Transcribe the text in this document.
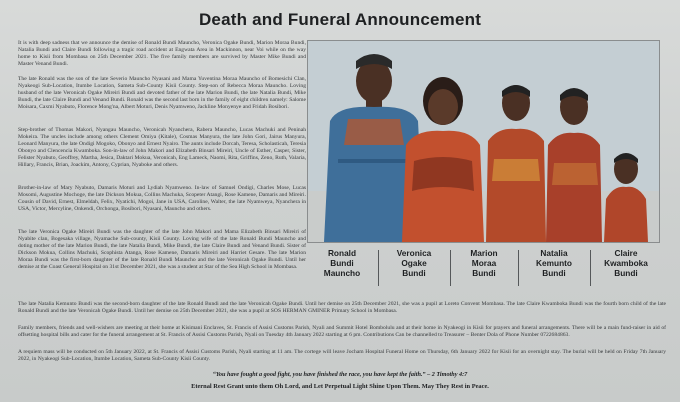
Death and Funeral Announcement

It is with deep sadness that we announce the demise of Ronald Bundi Mauncho, Veronica Ogake Bundi, Marion Moraa Bundi, Natalia Bundi and Claire Bundi following a tragic road accident at Engwata Area in Mackinnon, near Voi while on the way home to Kisii from Mombasa on 25th December 2021. The five family members are survived by Master Mike Bundi and Master Venand Bundi.

The late Ronald was the son of the late Severio Mauncho Nyasani and Mama Yuventina Moraa Mauncho of Bomesichi Clan, Nyakeogi Sub-Location, Itumbe Location, Sameta Sub-County Kisii County. Step-son of Rebecca Moraa Mauncho. Loving husband of the late Veronicah Ogake Mireiri Bundi and devoted father of the late Marion Bundi, the late Natalia Bundi, Mike Bundi, the late Claire Bundi and Venand Bundi. Ronald was the second last born in the family of eight children namely: Salome Moisara, Caxmi Nyabuto, Florence Mong'na, Albert Moturi, Denis Nyamweno, Jackline Monyenye and Fridah Bosibori.

Step-brother of Thomas Makori, Nyangau Mauncho, Veronicah Nyanchera, Rabera Mauncho, Lucas Machuki and Peninah Mokeira. The uncles include among others Clement Omiya (Kitale), Cosmas Manyura, the late John Gori, Jairus Manyura, Leonard Manyura, the late Ondigi Mogoko, Obonyo and Ernest Nyairo. The aunts include Dorcah, Teresa, Scholasticah, Teresia Obonyo and Clencencia Kwamboka. Son-in-law of John Makori and Elizabeth Binsari Mireiri, Uncle of Esther, Casper, Sister, Felister Nyabuto, Geoffrey, Martha, Jesica, Daktari Mokua, Veronicah, Eng Lameck, Naomi, Rita, Griffins, Zeno, Ruth, Valaria, Hillary, Francis, Brian, Joackim, Antony, Cyprian, Nyaboke and others.

Brother-in-law of Mary Nyabuto, Damaris Moturi and Lydiah Nyamweno. In-law of Samuel Ondigi, Charles Mose, Lucas Mosomi, Augustine Mochoge, the late Dickson Mokua, Collins Machuka, Scopeter Atangi, Rose Kamene, Damaris and Mireiri. Cousin of David, Ernest, Elmeldah, Felix, Nyatichi, Mogoi, Jane in USA, Caroline, Walter, the late Nyamweya, Nyanchera in USA, Victor, Mercyline, Onkendi, Orchonga, Bosibori, Nyasani, Mauncho and others.

The late Veronica Ogake Mireiri Bundi was the daughter of the late John Makori and Mama Elizabeth Binsari Mireiri of Nyabite clan, Bogesaka village, Nyamache Sub-county, Kisii County. Loving wife of the late Ronald Bundi Mauncho and doting mother of the late Marion Bundi, the late Natalia Bundi, Mike Bundi, the late Claire Bundi and Venand Bundi. Sister of Dickson Mokua, Collins Machuki, Scophista Atanga, Rose Kamene, Damaris Mireiri and Harriet Gesare. The late Marion Moraa Bundi was the first-born daughter of the late Ronald Bundi Mauncho and the late Veronicah Ogake Bundi. Until her demise at the Coast General Hospital on 31st December 2021, she was a student at Star of the Sea High School in Mombasa.

Ronald
Bundi
Mauncho
Veronica
Ogake
Bundi
Marion
Moraa
Bundi
Natalia
Kemunto
Bundi
Claire
Kwamboka
Bundi

The late Natalia Kemunto Bundi was the second-born daughter of the late Ronald Bundi and the late Veronicah Ogake Bundi. Until her demise on 25th December 2021, she was a pupil at Loreto Convent Mombasa. The late Claire Kwamboka Bundi was the fourth born child of the late Ronald Bundi and the late Veronicah Ogake Bundi. Until her demise on 25th December 2021, she was a pupil at SOS HERMAN GMINER Primary School in Mombasa.

Family members, friends and well-wishers are meeting at their home at Kisimani Enclaves, St. Francis of Assisi Customs Parish, Nyali and Summit Hotel Bombolulu and at their home in Nyakeogi in Kisii for prayers and funeral arrangements. There will be a main fund-raiser in aid of offsetting hospital bills and cater for the funeral arrangement at St. Francis of Assisi Customs Parish, Nyali on Tuesday 4th January 2022 starting at 6 pm. Contributions Can be channelled to Treasurer – Benter Dola of Phone Number 0722684863.

A requiem mass will be conducted on 5th January 2022, at St. Francis of Assisi Customs Parish, Nyali starting at 11 am. The cortege will leave Jocham Hospital Funeral Home on Thursday, 6th January 2022 for Kisii for an overnight stay. The burial will be held on Friday 7th January 2022, in Nyakeogi Sub-Location, Itumbe Location, Sameta Sub-County Kisii County.

“You have fought a good fight, you have finished the race, you have kept the faith.” – 2 Timothy 4:7
Eternal Rest Grant unto them Oh Lord, and Let Perpetual Light Shine Upon Them. May They Rest in Peace.
